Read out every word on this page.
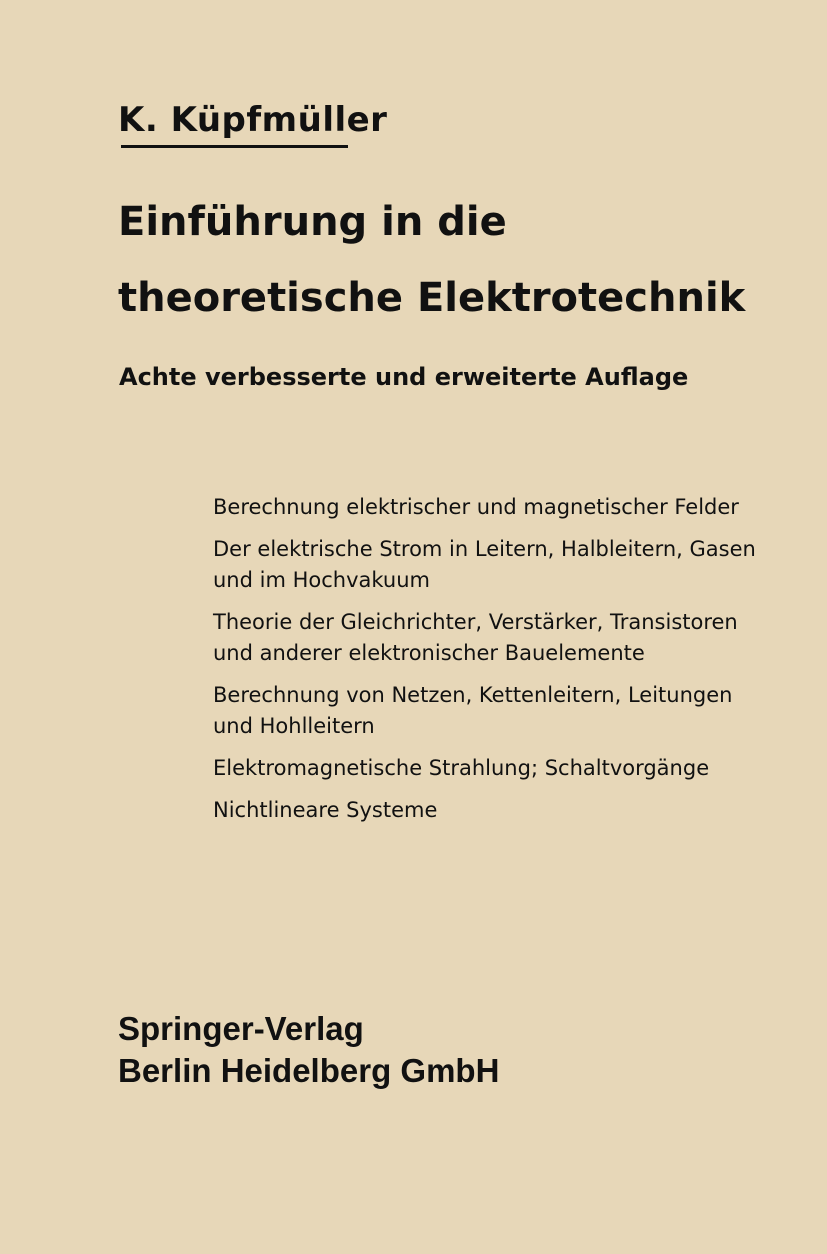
K. Küpfmüller
Einführung in die
theoretische Elektrotechnik
Achte verbesserte und erweiterte Auflage
Berechnung elektrischer und magnetischer Felder
Der elektrische Strom in Leitern, Halbleitern, Gasen
und im Hochvakuum
Theorie der Gleichrichter, Verstärker, Transistoren
und anderer elektronischer Bauelemente
Berechnung von Netzen, Kettenleitern, Leitungen
und Hohlleitern
Elektromagnetische Strahlung; Schaltvorgänge
Nichtlineare Systeme
Springer-Verlag
Berlin Heidelberg GmbH
